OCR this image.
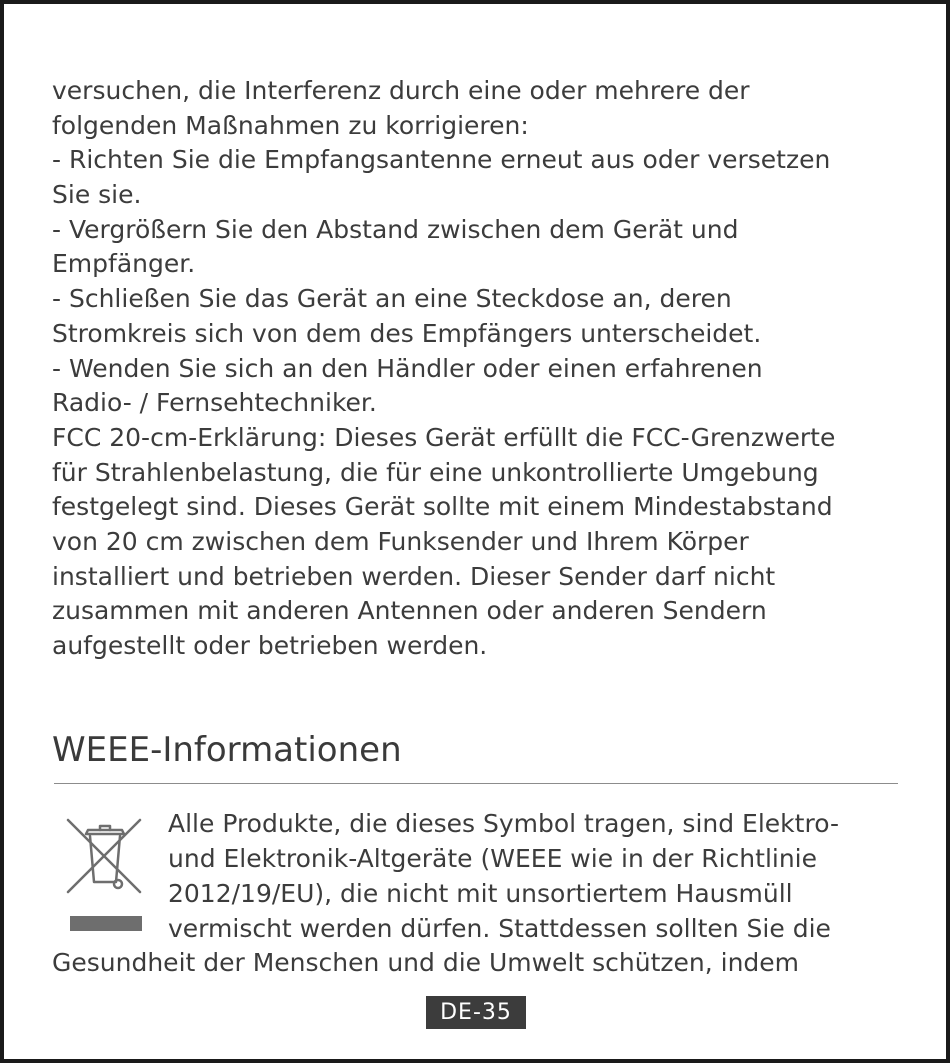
versuchen, die Interferenz durch eine oder mehrere der
folgenden Maßnahmen zu korrigieren:
- Richten Sie die Empfangsantenne erneut aus oder versetzen
Sie sie.
- Vergrößern Sie den Abstand zwischen dem Gerät und
Empfänger.
- Schließen Sie das Gerät an eine Steckdose an, deren
Stromkreis sich von dem des Empfängers unterscheidet.
- Wenden Sie sich an den Händler oder einen erfahrenen
Radio- / Fernsehtechniker.
FCC 20-cm-Erklärung: Dieses Gerät erfüllt die FCC-Grenzwerte
für Strahlenbelastung, die für eine unkontrollierte Umgebung
festgelegt sind. Dieses Gerät sollte mit einem Mindestabstand
von 20 cm zwischen dem Funksender und Ihrem Körper
installiert und betrieben werden. Dieser Sender darf nicht
zusammen mit anderen Antennen oder anderen Sendern
aufgestellt oder betrieben werden.
WEEE-Informationen
Alle Produkte, die dieses Symbol tragen, sind Elektro-
und Elektronik-Altgeräte (WEEE wie in der Richtlinie
2012/19/EU), die nicht mit unsortiertem Hausmüll
vermischt werden dürfen. Stattdessen sollten Sie die
Gesundheit der Menschen und die Umwelt schützen, indem
DE-35
